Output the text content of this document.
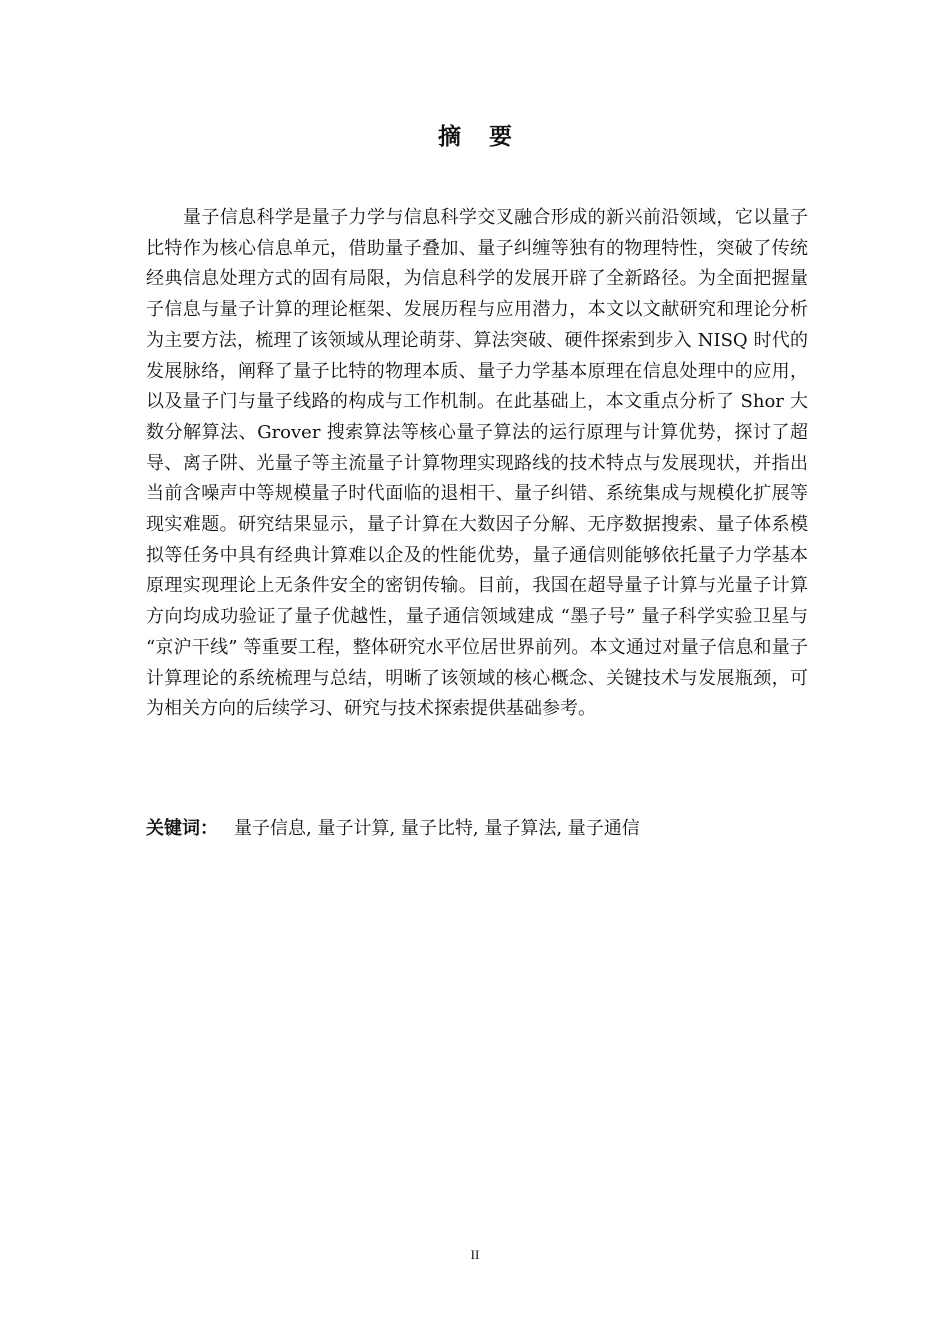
摘要

量子信息科学是量子力学与信息科学交叉融合形成的新兴前沿领域，它以量子比特作为核心信息单元，借助量子叠加、量子纠缠等独有的物理特性，突破了传统经典信息处理方式的固有局限，为信息科学的发展开辟了全新路径。为全面把握量子信息与量子计算的理论框架、发展历程与应用潜力，本文以文献研究和理论分析为主要方法，梳理了该领域从理论萌芽、算法突破、硬件探索到步入 NISQ 时代的发展脉络，阐释了量子比特的物理本质、量子力学基本原理在信息处理中的应用，以及量子门与量子线路的构成与工作机制。在此基础上，本文重点分析了 Shor 大数分解算法、Grover 搜索算法等核心量子算法的运行原理与计算优势，探讨了超导、离子阱、光量子等主流量子计算物理实现路线的技术特点与发展现状，并指出当前含噪声中等规模量子时代面临的退相干、量子纠错、系统集成与规模化扩展等现实难题。研究结果显示，量子计算在大数因子分解、无序数据搜索、量子体系模拟等任务中具有经典计算难以企及的性能优势，量子通信则能够依托量子力学基本原理实现理论上无条件安全的密钥传输。目前，我国在超导量子计算与光量子计算方向均成功验证了量子优越性，量子通信领域建成 “墨子号” 量子科学实验卫星与 “京沪干线” 等重要工程，整体研究水平位居世界前列。本文通过对量子信息和量子计算理论的系统梳理与总结，明晰了该领域的核心概念、关键技术与发展瓶颈，可为相关方向的后续学习、研究与技术探索提供基础参考。

关键词： 量子信息, 量子计算, 量子比特, 量子算法, 量子通信
II
